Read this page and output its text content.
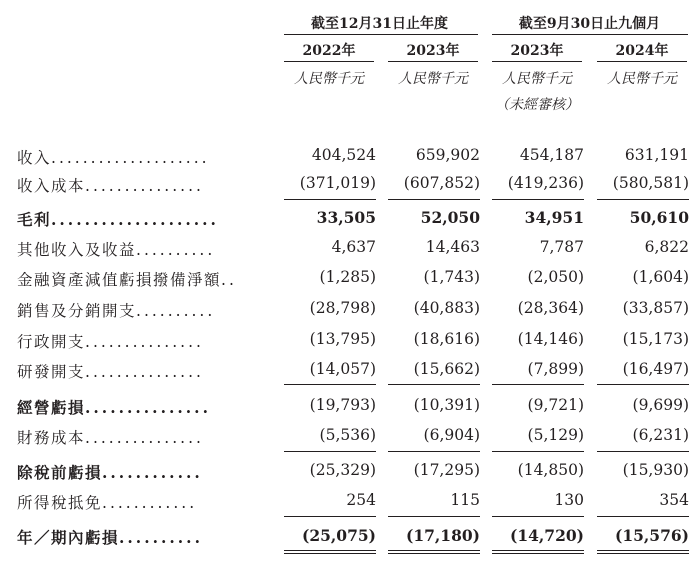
截至12月31日止年度	截至9月30日止九個月
2022年	2023年	2023年	2024年
人民幣千元	人民幣千元	人民幣千元	人民幣千元
（未經審核）
收入....................	404,524	659,902	454,187	631,191
收入成本...............	(371,019)	(607,852)	(419,236)	(580,581)
毛利....................	33,505	52,050	34,951	50,610
其他收入及收益..........	4,637	14,463	7,787	6,822
金融資產減值虧損撥備淨額..	(1,285)	(1,743)	(2,050)	(1,604)
銷售及分銷開支..........	(28,798)	(40,883)	(28,364)	(33,857)
行政開支...............	(13,795)	(18,616)	(14,146)	(15,173)
研發開支...............	(14,057)	(15,662)	(7,899)	(16,497)
經營虧損...............	(19,793)	(10,391)	(9,721)	(9,699)
財務成本...............	(5,536)	(6,904)	(5,129)	(6,231)
除稅前虧損............	(25,329)	(17,295)	(14,850)	(15,930)
所得稅抵免............	254	115	130	354
年／期內虧損..........	(25,075)	(17,180)	(14,720)	(15,576)
